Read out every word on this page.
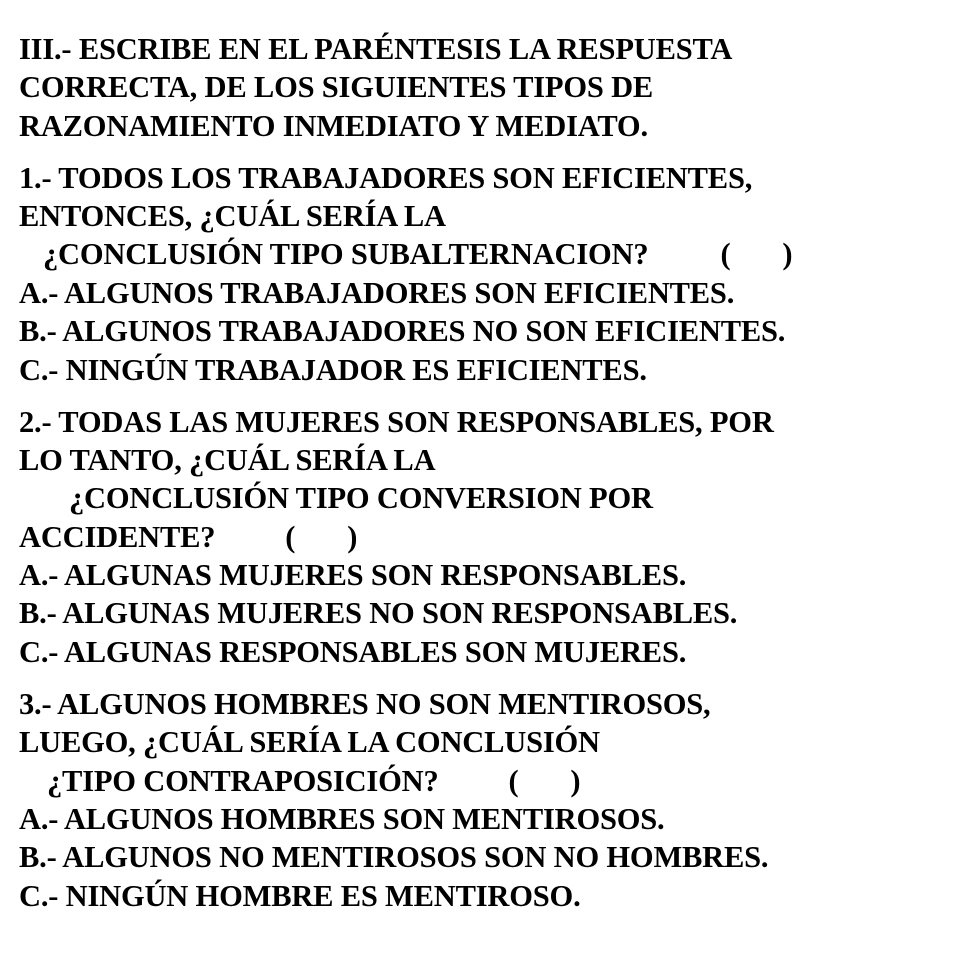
III.- ESCRIBE EN EL PARÉNTESIS LA RESPUESTA
CORRECTA, DE LOS SIGUIENTES TIPOS DE
RAZONAMIENTO INMEDIATO Y MEDIATO.
1.- TODOS LOS TRABAJADORES SON EFICIENTES,
ENTONCES, ¿CUÁL SERÍA LA
¿CONCLUSIÓN TIPO SUBALTERNACION? (       )
A.- ALGUNOS TRABAJADORES SON EFICIENTES.
B.- ALGUNOS TRABAJADORES NO SON EFICIENTES.
C.- NINGÚN TRABAJADOR ES EFICIENTES.
2.- TODAS LAS MUJERES SON RESPONSABLES, POR
LO TANTO, ¿CUÁL SERÍA LA
¿CONCLUSIÓN TIPO CONVERSION POR
ACCIDENTE? (       )
A.- ALGUNAS MUJERES SON RESPONSABLES.
B.- ALGUNAS MUJERES NO SON RESPONSABLES.
C.- ALGUNAS RESPONSABLES SON MUJERES.
3.- ALGUNOS HOMBRES NO SON MENTIROSOS,
LUEGO, ¿CUÁL SERÍA LA CONCLUSIÓN
¿TIPO CONTRAPOSICIÓN? (       )
A.- ALGUNOS HOMBRES SON MENTIROSOS.
B.- ALGUNOS NO MENTIROSOS SON NO HOMBRES.
C.- NINGÚN HOMBRE ES MENTIROSO.
